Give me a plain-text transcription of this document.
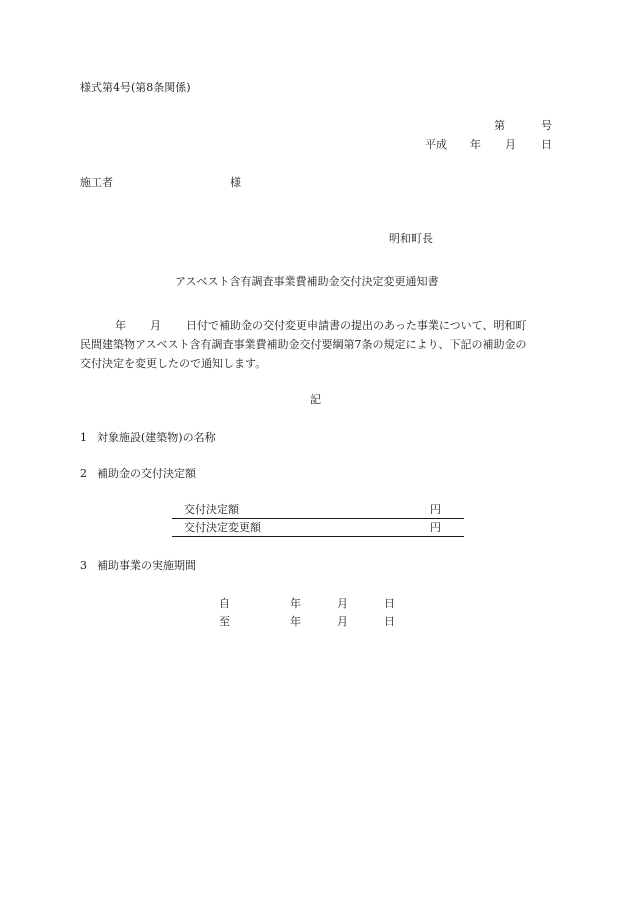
様式第4号(第8条関係)
第	号
平成 年 月 日
施工者	様
明和町長
アスベスト含有調査事業費補助金交付決定変更通知書
年 月 日付で補助金の交付変更申請書の提出のあった事業について、明和町
民間建築物アスベスト含有調査事業費補助金交付要綱第7条の規定により、下記の補助金の
交付決定を変更したので通知します。
記
1 対象施設(建築物)の名称
2 補助金の交付決定額
交付決定額	円
交付決定変更額	円
3 補助事業の実施期間
自	年	月	日
至	年	月	日
